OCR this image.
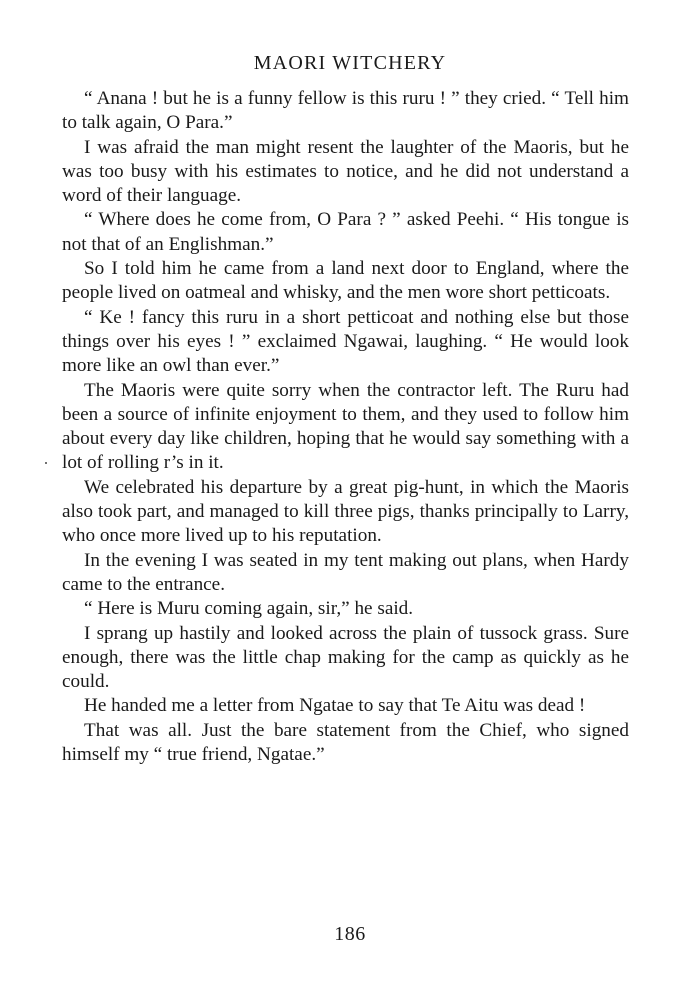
MAORI WITCHERY

“ Anana ! but he is a funny fellow is this ruru ! ” they cried. “ Tell him to talk again, O Para.”

I was afraid the man might resent the laughter of the Maoris, but he was too busy with his estimates to notice, and he did not understand a word of their language.

“ Where does he come from, O Para ? ” asked Peehi. “ His tongue is not that of an Englishman.”

So I told him he came from a land next door to England, where the people lived on oatmeal and whisky, and the men wore short petticoats.

“ Ke ! fancy this ruru in a short petticoat and nothing else but those things over his eyes ! ” exclaimed Ngawai, laughing. “ He would look more like an owl than ever.”

The Maoris were quite sorry when the contractor left. The Ruru had been a source of infinite enjoyment to them, and they used to follow him about every day like children, hoping that he would say something with a lot of rolling r’s in it.

We celebrated his departure by a great pig-hunt, in which the Maoris also took part, and managed to kill three pigs, thanks principally to Larry, who once more lived up to his reputation.

In the evening I was seated in my tent making out plans, when Hardy came to the entrance.

“ Here is Muru coming again, sir,” he said.

I sprang up hastily and looked across the plain of tussock grass. Sure enough, there was the little chap making for the camp as quickly as he could.

He handed me a letter from Ngatae to say that Te Aitu was dead !

That was all. Just the bare statement from the Chief, who signed himself my “ true friend, Ngatae.”

186
